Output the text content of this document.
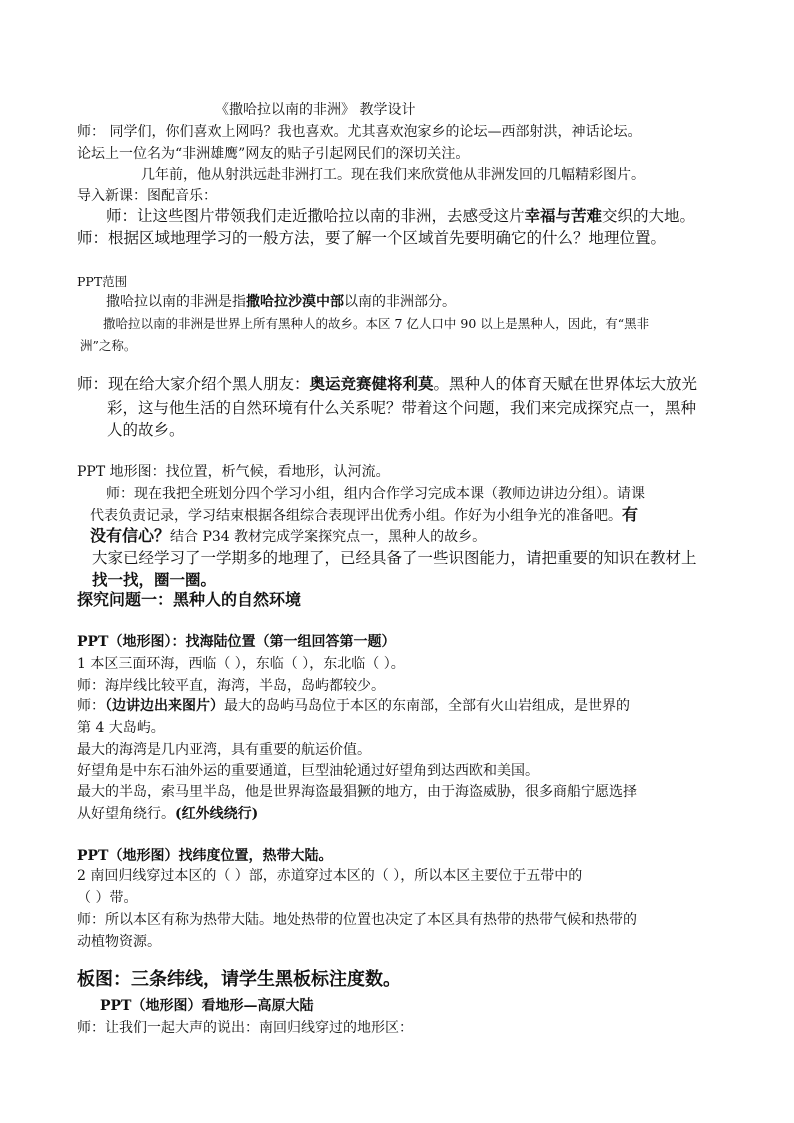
《撒哈拉以南的非洲》 教学设计
师： 同学们，你们喜欢上网吗？我也喜欢。尤其喜欢泡家乡的论坛—西部射洪，神话论坛。
论坛上一位名为“非洲雄鹰”网友的贴子引起网民们的深切关注。
几年前，他从射洪远赴非洲打工。现在我们来欣赏他从非洲发回的几幅精彩图片。
导入新课：图配音乐：
师：让这些图片带领我们走近撒哈拉以南的非洲，去感受这片幸福与苦难交织的大地。
师：根据区域地理学习的一般方法，要了解一个区域首先要明确它的什么？地理位置。
PPT范围
撒哈拉以南的非洲是指撒哈拉沙漠中部以南的非洲部分。
撒哈拉以南的非洲是世界上所有黑种人的故乡。本区 7 亿人口中 90 以上是黑种人，因此，有“黑非
洲”之称。
师：现在给大家介绍个黑人朋友：奥运竞赛健将利莫。黑种人的体育天赋在世界体坛大放光
彩，这与他生活的自然环境有什么关系呢？带着这个问题，我们来完成探究点一，黑种
人的故乡。
PPT 地形图：找位置，析气候，看地形，认河流。
师：现在我把全班划分四个学习小组，组内合作学习完成本课（教师边讲边分组）。请课
代表负责记录，学习结束根据各组综合表现评出优秀小组。作好为小组争光的准备吧。有
没有信心？结合 P34 教材完成学案探究点一，黑种人的故乡。
大家已经学习了一学期多的地理了，已经具备了一些识图能力，请把重要的知识在教材上
找一找，圈一圈。
探究问题一：黑种人的自然环境
PPT（地形图）：找海陆位置（第一组回答第一题）
1 本区三面环海，西临（ ），东临（ ），东北临（ ）。
师：海岸线比较平直，海湾，半岛，岛屿都较少。
师：（边讲边出来图片）最大的岛屿马岛位于本区的东南部，全部有火山岩组成，是世界的
第 4 大岛屿。
最大的海湾是几内亚湾，具有重要的航运价值。
好望角是中东石油外运的重要通道，巨型油轮通过好望角到达西欧和美国。
最大的半岛，索马里半岛，他是世界海盗最猖獗的地方，由于海盗威胁，很多商船宁愿选择
从好望角绕行。(红外线绕行)
PPT（地形图）找纬度位置，热带大陆。
2 南回归线穿过本区的（ ）部，赤道穿过本区的（ ），所以本区主要位于五带中的
（ ）带。
师：所以本区有称为热带大陆。地处热带的位置也决定了本区具有热带的热带气候和热带的
动植物资源。
板图：三条纬线，请学生黑板标注度数。
PPT（地形图）看地形—高原大陆
师：让我们一起大声的说出：南回归线穿过的地形区：
